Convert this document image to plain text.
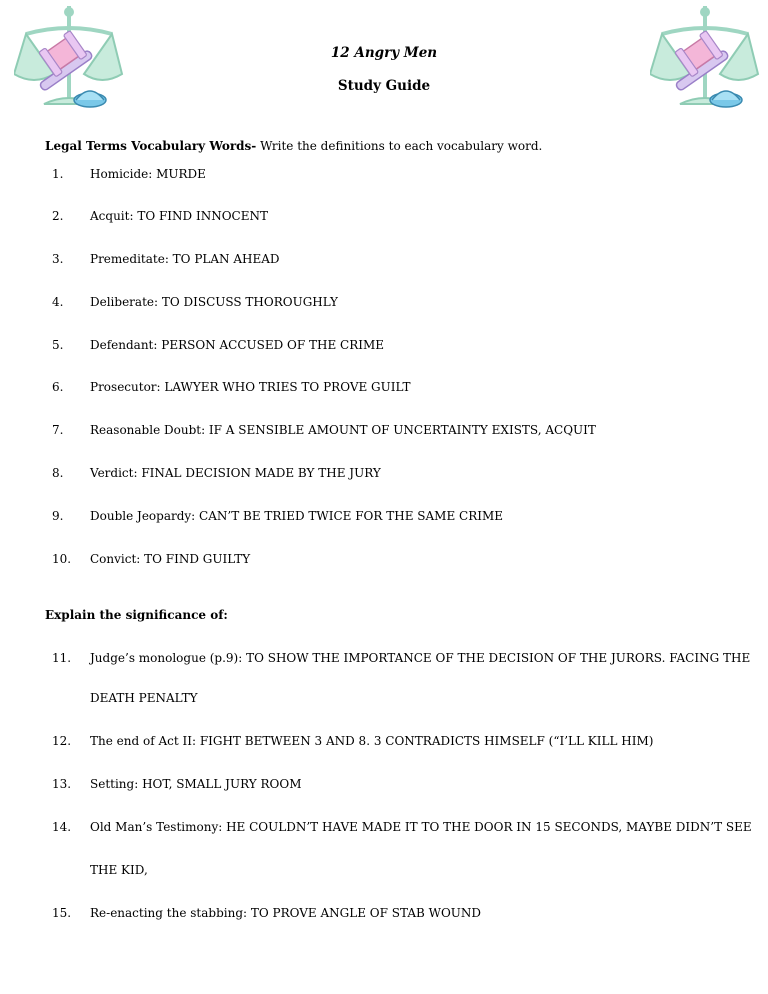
12 Angry Men
Study Guide
Legal Terms Vocabulary Words- Write the definitions to each vocabulary word.
1. Homicide: MURDE
2. Acquit: TO FIND INNOCENT
3. Premeditate: TO PLAN AHEAD
4. Deliberate: TO DISCUSS THOROUGHLY
5. Defendant: PERSON ACCUSED OF THE CRIME
6. Prosecutor: LAWYER WHO TRIES TO PROVE GUILT
7. Reasonable Doubt: IF A SENSIBLE AMOUNT OF UNCERTAINTY EXISTS, ACQUIT
8. Verdict: FINAL DECISION MADE BY THE JURY
9. Double Jeopardy: CAN’T BE TRIED TWICE FOR THE SAME CRIME
10. Convict: TO FIND GUILTY
Explain the significance of:
11. Judge’s monologue (p.9): TO SHOW THE IMPORTANCE OF THE DECISION OF THE JURORS. FACING THE
DEATH PENALTY
12. The end of Act II: FIGHT BETWEEN 3 AND 8. 3 CONTRADICTS HIMSELF (“I’LL KILL HIM)
13. Setting: HOT, SMALL JURY ROOM
14. Old Man’s Testimony: HE COULDN’T HAVE MADE IT TO THE DOOR IN 15 SECONDS, MAYBE DIDN’T SEE
THE KID,
15. Re-enacting the stabbing: TO PROVE ANGLE OF STAB WOUND
